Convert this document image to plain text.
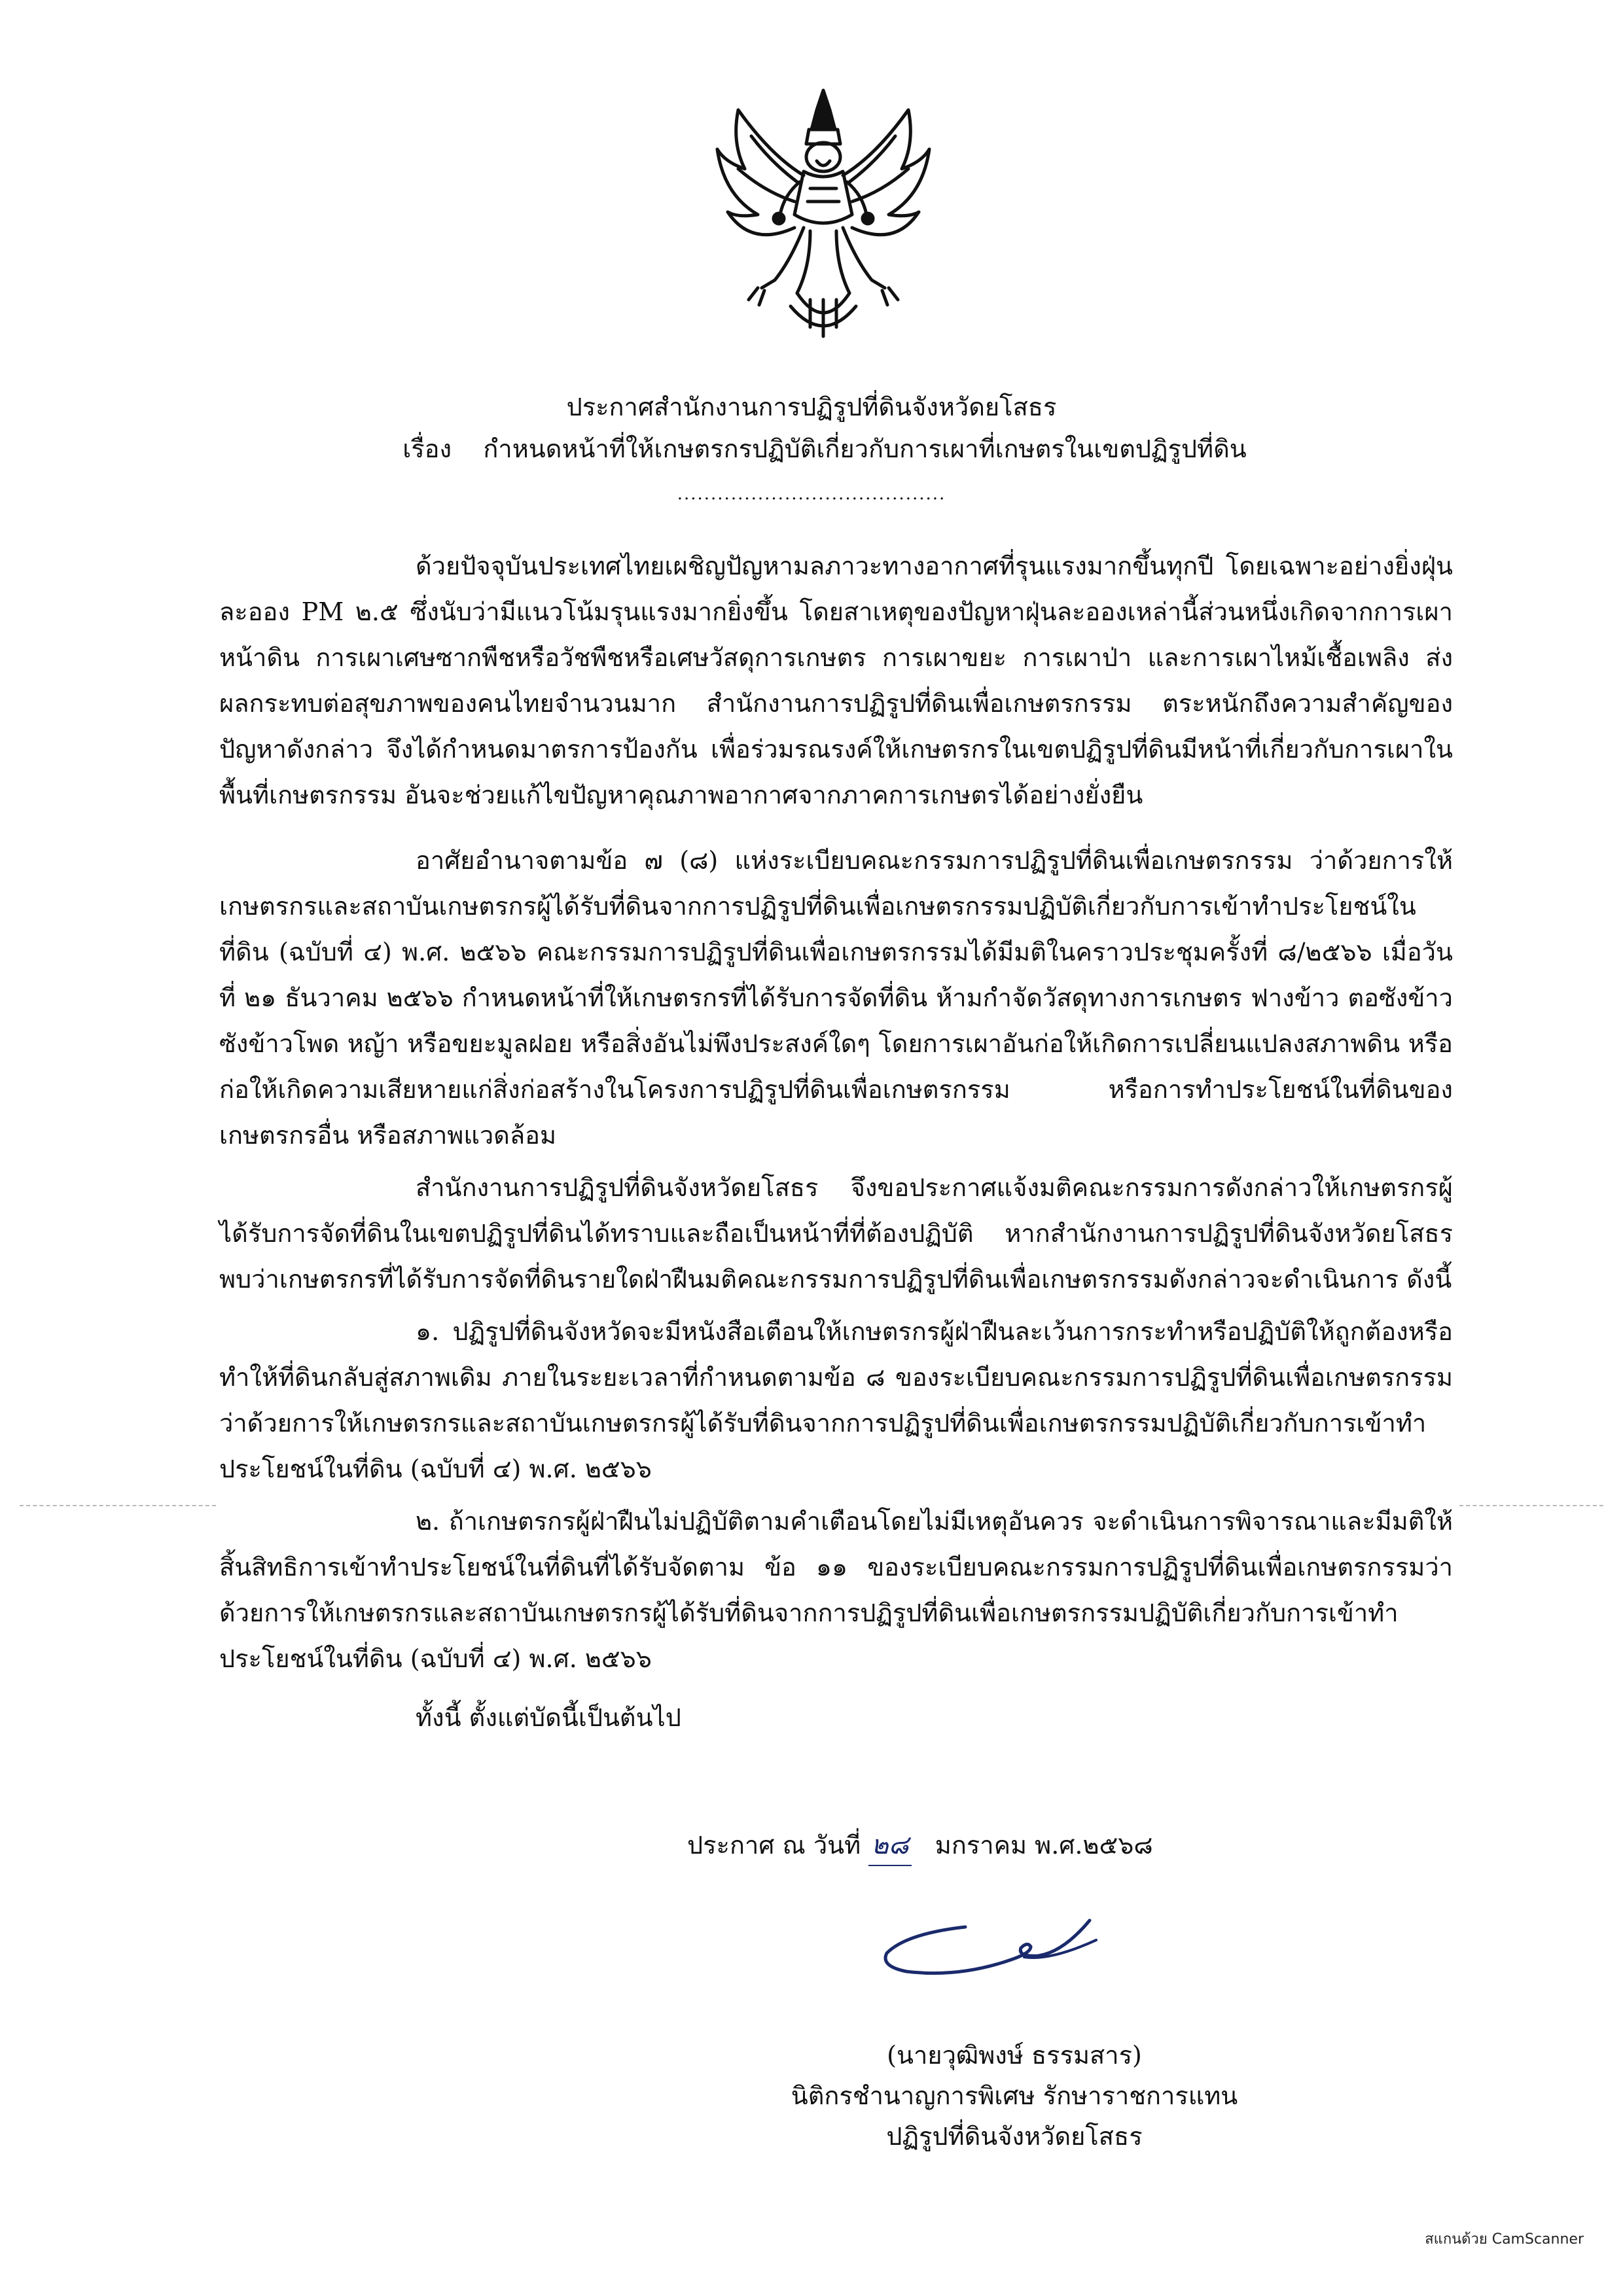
ประกาศสำนักงานการปฏิรูปที่ดินจังหวัดยโสธร
เรื่อง กำหนดหน้าที่ให้เกษตรกรปฏิบัติเกี่ยวกับการเผาที่เกษตรในเขตปฏิรูปที่ดิน
........................................

ด้วยปัจจุบันประเทศไทยเผชิญปัญหามลภาวะทางอากาศที่รุนแรงมากขึ้นทุกปี โดยเฉพาะอย่างยิ่งฝุ่นละออง PM ๒.๕ ซึ่งนับว่ามีแนวโน้มรุนแรงมากยิ่งขึ้น โดยสาเหตุของปัญหาฝุ่นละอองเหล่านี้ส่วนหนึ่งเกิดจากการเผาหน้าดิน การเผาเศษซากพืชหรือวัชพืชหรือเศษวัสดุการเกษตร การเผาขยะ การเผาป่า และการเผาไหม้เชื้อเพลิง ส่งผลกระทบต่อสุขภาพของคนไทยจำนวนมาก สำนักงานการปฏิรูปที่ดินเพื่อเกษตรกรรม ตระหนักถึงความสำคัญของปัญหาดังกล่าว จึงได้กำหนดมาตรการป้องกัน เพื่อร่วมรณรงค์ให้เกษตรกรในเขตปฏิรูปที่ดินมีหน้าที่เกี่ยวกับการเผาในพื้นที่เกษตรกรรม อันจะช่วยแก้ไขปัญหาคุณภาพอากาศจากภาคการเกษตรได้อย่างยั่งยืน

อาศัยอำนาจตามข้อ ๗ (๘) แห่งระเบียบคณะกรรมการปฏิรูปที่ดินเพื่อเกษตรกรรม ว่าด้วยการให้เกษตรกรและสถาบันเกษตรกรผู้ได้รับที่ดินจากการปฏิรูปที่ดินเพื่อเกษตรกรรมปฏิบัติเกี่ยวกับการเข้าทำประโยชน์ในที่ดิน (ฉบับที่ ๔) พ.ศ. ๒๕๖๖ คณะกรรมการปฏิรูปที่ดินเพื่อเกษตรกรรมได้มีมติในคราวประชุมครั้งที่ ๘/๒๕๖๖ เมื่อวันที่ ๒๑ ธันวาคม ๒๕๖๖ กำหนดหน้าที่ให้เกษตรกรที่ได้รับการจัดที่ดิน ห้ามกำจัดวัสดุทางการเกษตร ฟางข้าว ตอซังข้าว ซังข้าวโพด หญ้า หรือขยะมูลฝอย หรือสิ่งอันไม่พึงประสงค์ใดๆ โดยการเผาอันก่อให้เกิดการเปลี่ยนแปลงสภาพดิน หรือก่อให้เกิดความเสียหายแก่สิ่งก่อสร้างในโครงการปฏิรูปที่ดินเพื่อเกษตรกรรม หรือการทำประโยชน์ในที่ดินของเกษตรกรอื่น หรือสภาพแวดล้อม

สำนักงานการปฏิรูปที่ดินจังหวัดยโสธร จึงขอประกาศแจ้งมติคณะกรรมการดังกล่าวให้เกษตรกรผู้ได้รับการจัดที่ดินในเขตปฏิรูปที่ดินได้ทราบและถือเป็นหน้าที่ที่ต้องปฏิบัติ หากสำนักงานการปฏิรูปที่ดินจังหวัดยโสธร พบว่าเกษตรกรที่ได้รับการจัดที่ดินรายใดฝ่าฝืนมติคณะกรรมการปฏิรูปที่ดินเพื่อเกษตรกรรมดังกล่าวจะดำเนินการ ดังนี้

๑. ปฏิรูปที่ดินจังหวัดจะมีหนังสือเตือนให้เกษตรกรผู้ฝ่าฝืนละเว้นการกระทำหรือปฏิบัติให้ถูกต้องหรือทำให้ที่ดินกลับสู่สภาพเดิม ภายในระยะเวลาที่กำหนดตามข้อ ๘ ของระเบียบคณะกรรมการปฏิรูปที่ดินเพื่อเกษตรกรรมว่าด้วยการให้เกษตรกรและสถาบันเกษตรกรผู้ได้รับที่ดินจากการปฏิรูปที่ดินเพื่อเกษตรกรรมปฏิบัติเกี่ยวกับการเข้าทำประโยชน์ในที่ดิน (ฉบับที่ ๔) พ.ศ. ๒๕๖๖

๒. ถ้าเกษตรกรผู้ฝ่าฝืนไม่ปฏิบัติตามคำเตือนโดยไม่มีเหตุอันควร จะดำเนินการพิจารณาและมีมติให้สิ้นสิทธิการเข้าทำประโยชน์ในที่ดินที่ได้รับจัดตาม ข้อ ๑๑ ของระเบียบคณะกรรมการปฏิรูปที่ดินเพื่อเกษตรกรรมว่าด้วยการให้เกษตรกรและสถาบันเกษตรกรผู้ได้รับที่ดินจากการปฏิรูปที่ดินเพื่อเกษตรกรรมปฏิบัติเกี่ยวกับการเข้าทำประโยชน์ในที่ดิน (ฉบับที่ ๔) พ.ศ. ๒๕๖๖

ทั้งนี้ ตั้งแต่บัดนี้เป็นต้นไป
ประกาศ ณ วันที่ ๒๘ มกราคม พ.ศ.๒๕๖๘
(นายวุฒิพงษ์ ธรรมสาร)
นิติกรชำนาญการพิเศษ รักษาราชการแทน
ปฏิรูปที่ดินจังหวัดยโสธร
สแกนด้วย CamScanner
